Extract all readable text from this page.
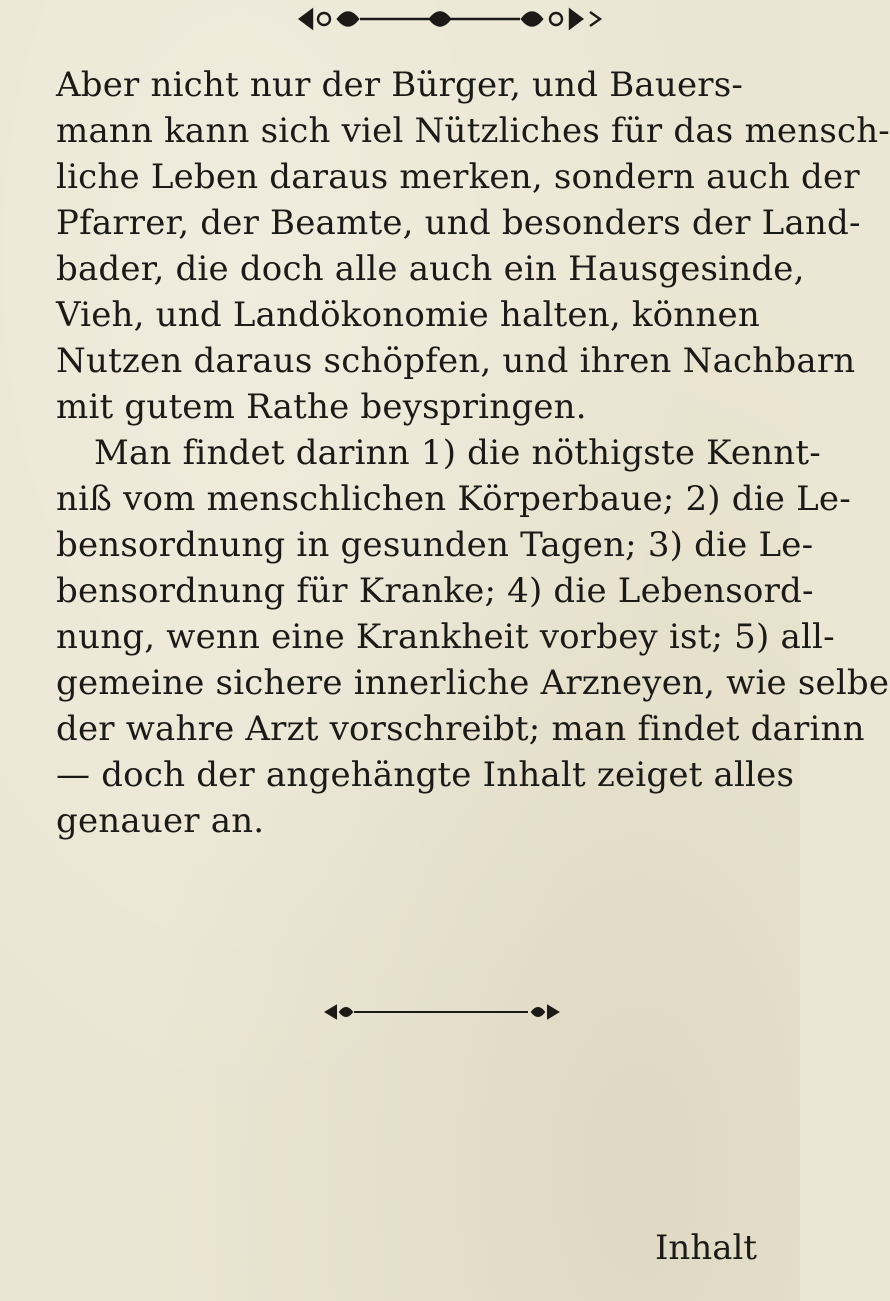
Aber nicht nur der Bürger, und Bauers-
mann kann sich viel Nützliches für das mensch-
liche Leben daraus merken, sondern auch der
Pfarrer, der Beamte, und besonders der Land-
bader, die doch alle auch ein Hausgesinde,
Vieh, und Landökonomie halten, können
Nutzen daraus schöpfen, und ihren Nachbarn
mit gutem Rathe beyspringen.
Man findet darinn 1) die nöthigste Kennt-
niß vom menschlichen Körperbaue; 2) die Le-
bensordnung in gesunden Tagen; 3) die Le-
bensordnung für Kranke; 4) die Lebensord-
nung, wenn eine Krankheit vorbey ist; 5) all-
gemeine sichere innerliche Arzneyen, wie selbe
der wahre Arzt vorschreibt; man findet darinn
— doch der angehängte Inhalt zeiget alles
genauer an.
Inhalt
